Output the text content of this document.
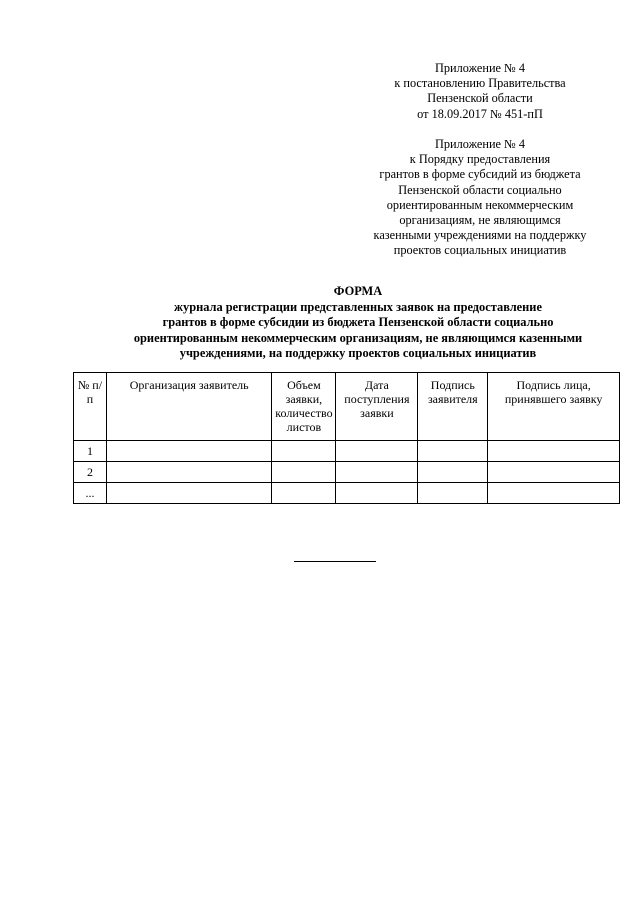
Приложение № 4
к постановлению Правительства
Пензенской области
от 18.09.2017 № 451-пП
Приложение № 4
к Порядку предоставления
грантов в форме субсидий из бюджета
Пензенской области социально
ориентированным некоммерческим
организациям, не являющимся
казенными учреждениями на поддержку
проектов социальных инициатив
ФОРМА
журнала регистрации представленных заявок на предоставление
грантов в форме субсидии из бюджета Пензенской области социально
ориентированным некоммерческим организациям, не являющимся казенными
учреждениями, на поддержку проектов социальных инициатив
№ п/п	Организация заявитель	Объем заявки, количество листов	Дата поступления заявки	Подпись заявителя	Подпись лица, принявшего заявку
1					
2					
...					
